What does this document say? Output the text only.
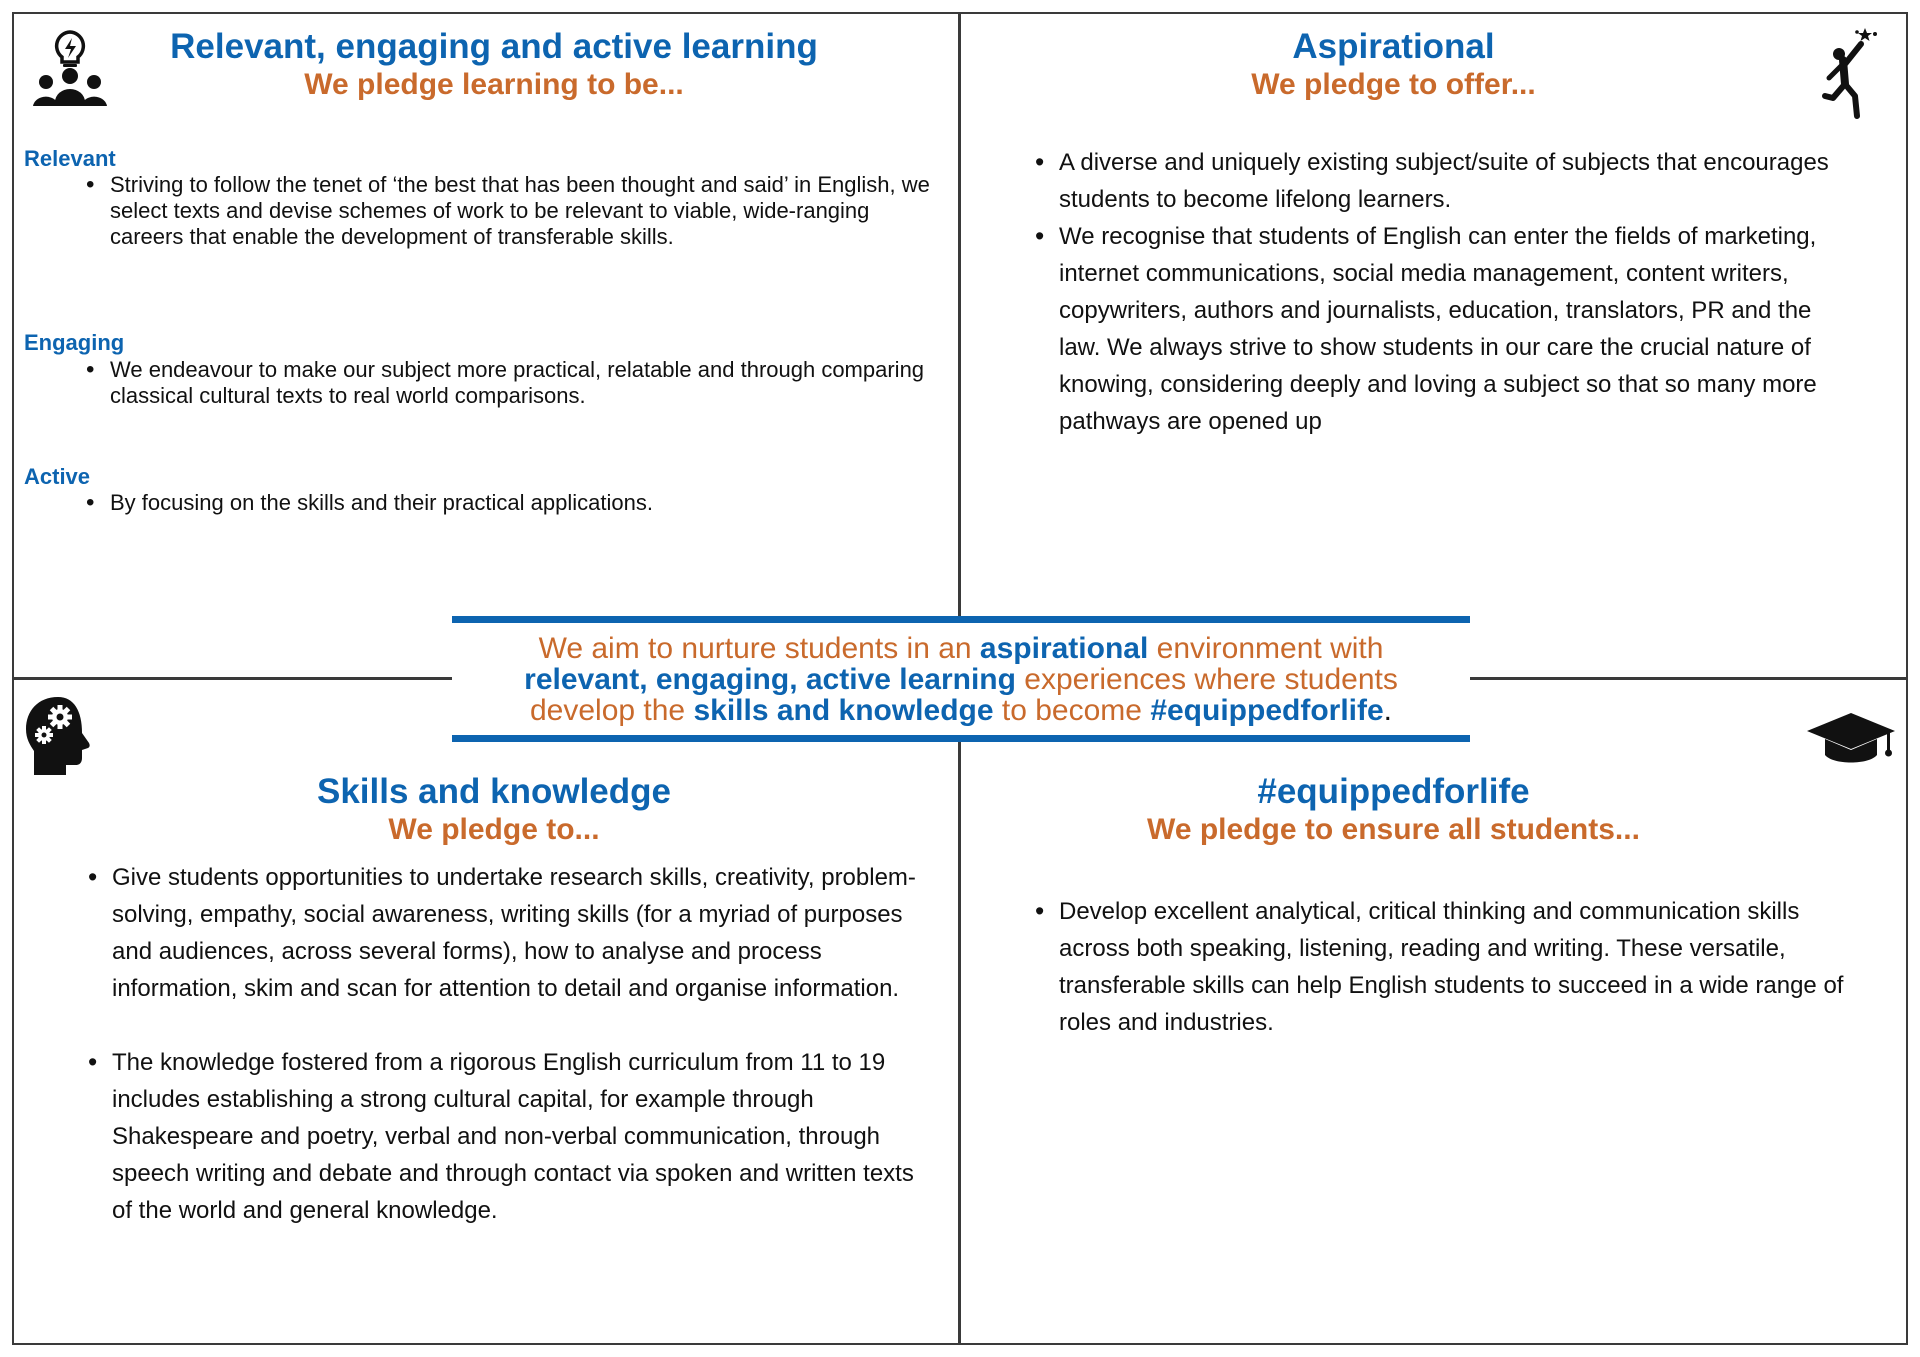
Relevant, engaging and active learning

We pledge learning to be...

Relevant

• Striving to follow the tenet of ‘the best that has been thought and said’ in English, we select texts and devise schemes of work to be relevant to viable, wide-ranging careers that enable the development of transferable skills.

Engaging

• We endeavour to make our subject more practical, relatable and through comparing classical cultural texts to real world comparisons.

Active

• By focusing on the skills and their practical applications.

Aspirational

We pledge to offer...

• A diverse and uniquely existing subject/suite of subjects that encourages students to become lifelong learners.
• We recognise that students of English can enter the fields of marketing, internet communications, social media management, content writers, copywriters, authors and journalists, education, translators, PR and the law. We always strive to show students in our care the crucial nature of knowing, considering deeply and loving a subject so that so many more pathways are opened up

Skills and knowledge

We pledge to...

• Give students opportunities to undertake research skills, creativity, problem-solving, empathy, social awareness, writing skills (for a myriad of purposes and audiences, across several forms), how to analyse and process information, skim and scan for attention to detail and organise information.
• The knowledge fostered from a rigorous English curriculum from 11 to 19 includes establishing a strong cultural capital, for example through Shakespeare and poetry, verbal and non-verbal communication, through speech writing and debate and through contact via spoken and written texts of the world and general knowledge.

#equippedforlife

We pledge to ensure all students...

• Develop excellent analytical, critical thinking and communication skills across both speaking, listening, reading and writing. These versatile, transferable skills can help English students to succeed in a wide range of roles and industries.
We aim to nurture students in an aspirational environment with
relevant, engaging, active learning experiences where students
develop the skills and knowledge to become #equippedforlife.
